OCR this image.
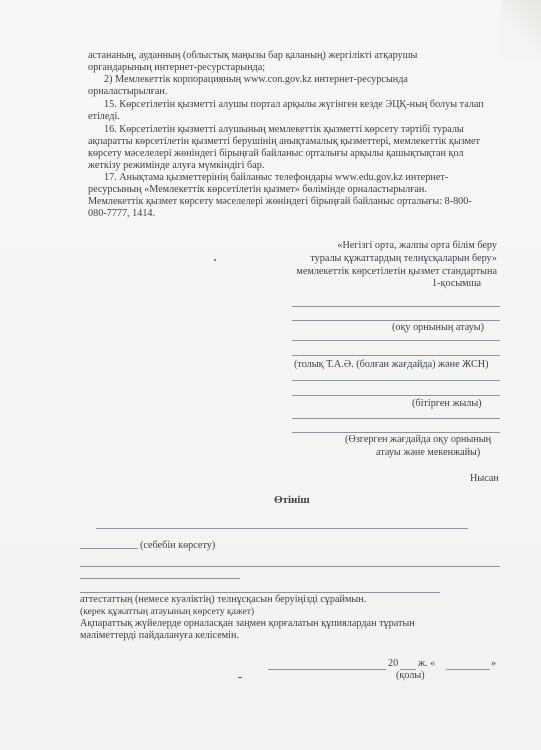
астананың, ауданның (облыстық маңызы бар қаланың) жергілікті атқарушы
органдарының интернет-ресурстарында;
2) Мемлекеттік корпорацияның www.con.gov.kz интернет-ресурсында
орналастырылған.
15. Көрсетілетін қызметті алушы портал арқылы жүгінген кезде ЭЦҚ-ның болуы талап
етіледі.
16. Көрсетілетін қызметті алушының мемлекеттік қызметті көрсету тәртібі туралы
ақпаратты көрсетілетін қызметті берушінің анықтамалық қызметтері, мемлекеттік қызмет
көрсету мәселелері жөніндегі бірыңғай байланыс орталығы арқылы қашықтықтан қол
жеткізу режимінде алуға мүмкіндігі бар.
17. Анықтама қызметтерінің байланыс телефондары www.edu.gov.kz интернет-
ресурсының «Мемлекеттік көрсетілетін қызмет» бөлімінде орналастырылған.
Мемлекеттік қызмет көрсету мәселелері жөніндегі бірыңғай байланыс орталығы: 8-800-
080-7777, 1414.
«Негізгі орта, жалпы орта білім беру
туралы құжаттардың телнұсқаларын беру»
мемлекеттік көрсетілетін қызмет стандартына
1-қосымша
(оқу орнының атауы)
(толық Т.А.Ә. (болған жағдайда) және ЖСН)
(бітірген жылы)
(Өзгерген жағдайда оқу орнының
атауы және мекенжайы)
Нысан
Өтініш
(себебін көрсету)
аттестаттың (немесе куәліктің) телнұсқасын беруіңізді сұраймын.
(керек құжаттың атауының көрсету қажет)
Ақпараттық жүйелерде орналасқан заңмен қорғалатын құпиялардан тұратын
мәліметтерді пайдалануға келісемін.
20 ж. «	»
(қолы)
